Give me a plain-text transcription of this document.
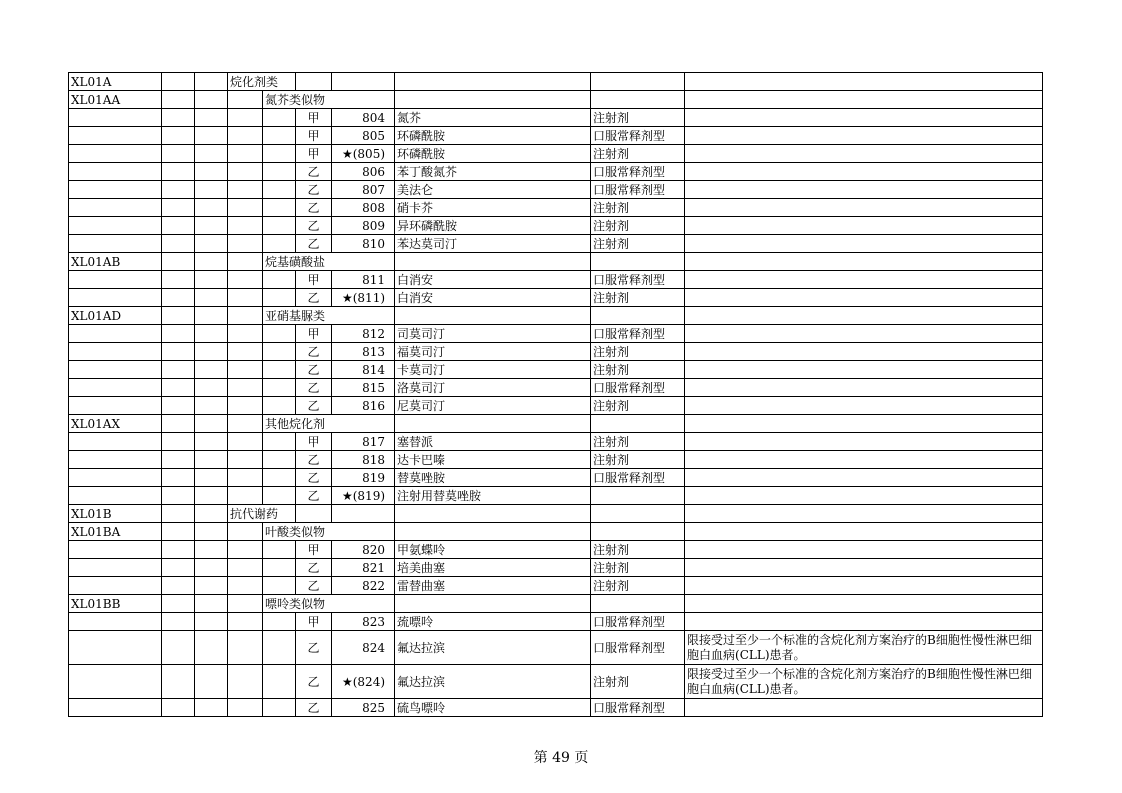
XL01A			烷化剂类						
XL01AA				氮芥类似物					
					甲	804	氮芥	注射剂	
					甲	805	环磷酰胺	口服常释剂型	
					甲	★(805)	环磷酰胺	注射剂	
					乙	806	苯丁酸氮芥	口服常释剂型	
					乙	807	美法仑	口服常释剂型	
					乙	808	硝卡芥	注射剂	
					乙	809	异环磷酰胺	注射剂	
					乙	810	苯达莫司汀	注射剂	
XL01AB				烷基磺酸盐					
					甲	811	白消安	口服常释剂型	
					乙	★(811)	白消安	注射剂	
XL01AD				亚硝基脲类					
					甲	812	司莫司汀	口服常释剂型	
					乙	813	福莫司汀	注射剂	
					乙	814	卡莫司汀	注射剂	
					乙	815	洛莫司汀	口服常释剂型	
					乙	816	尼莫司汀	注射剂	
XL01AX				其他烷化剂					
					甲	817	塞替派	注射剂	
					乙	818	达卡巴嗪	注射剂	
					乙	819	替莫唑胺	口服常释剂型	
					乙	★(819)	注射用替莫唑胺		
XL01B			抗代谢药						
XL01BA				叶酸类似物					
					甲	820	甲氨蝶呤	注射剂	
					乙	821	培美曲塞	注射剂	
					乙	822	雷替曲塞	注射剂	
XL01BB				嘌呤类似物					
					甲	823	巯嘌呤	口服常释剂型	
					乙	824	氟达拉滨	口服常释剂型	限接受过至少一个标准的含烷化剂方案治疗的B细胞性慢性淋巴细胞白血病(CLL)患者。
					乙	★(824)	氟达拉滨	注射剂	限接受过至少一个标准的含烷化剂方案治疗的B细胞性慢性淋巴细胞白血病(CLL)患者。
					乙	825	硫鸟嘌呤	口服常释剂型	
第 49 页
